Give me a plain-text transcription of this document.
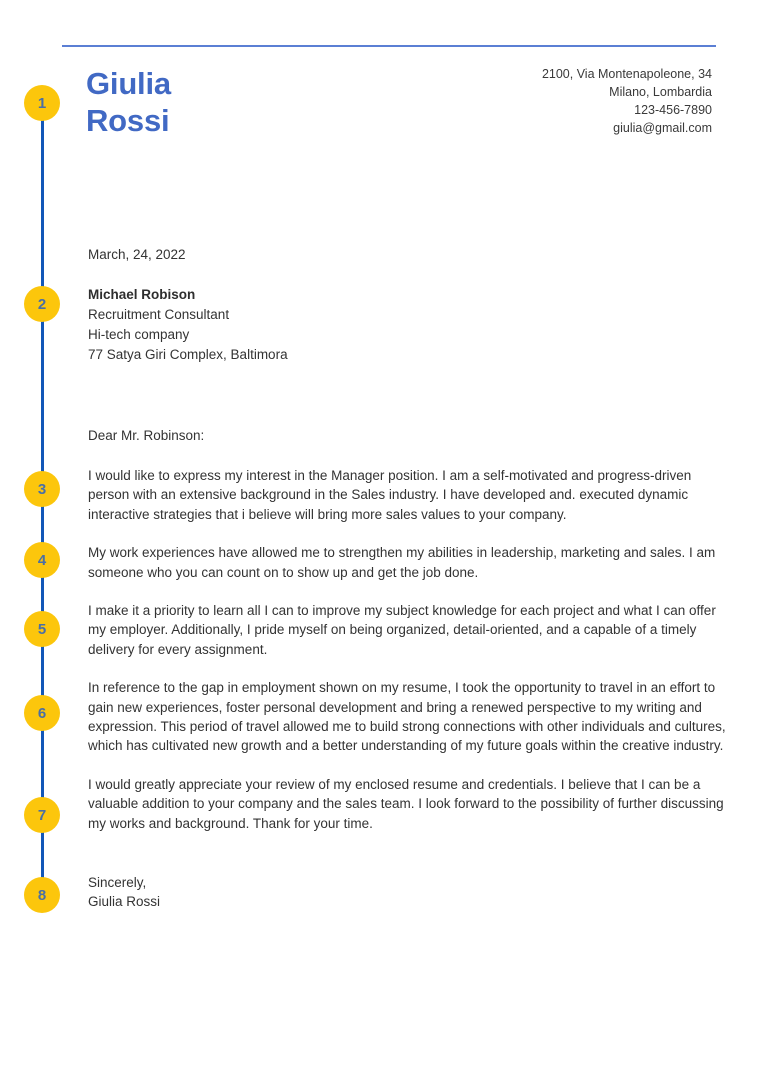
Giulia
Rossi
2100, Via Montenapoleone, 34
Milano, Lombardia
123-456-7890
giulia@gmail.com
March, 24, 2022
Michael Robison
Recruitment Consultant
Hi-tech company
77 Satya Giri Complex, Baltimora
Dear Mr. Robinson:

I would like to express my interest in the Manager position. I am a self-motivated and progress-driven person with an extensive background in the Sales industry. I have developed and. executed dynamic interactive strategies that i believe will bring more sales values to your company.

My work experiences have allowed me to strengthen my abilities in leadership, marketing and sales. I am someone who you can count on to show up and get the job done.

I make it a priority to learn all I can to improve my subject knowledge for each project and what I can offer my employer. Additionally, I pride myself on being organized, detail-oriented, and a capable of a timely delivery for every assignment.

In reference to the gap in employment shown on my resume, I took the opportunity to travel in an effort to gain new experiences, foster personal development and bring a renewed perspective to my writing and expression. This period of travel allowed me to build strong connections with other individuals and cultures, which has cultivated new growth and a better understanding of my future goals within the creative industry.

I would greatly appreciate your review of my enclosed resume and credentials. I believe that I can be a valuable addition to your company and the sales team. I look forward to the possibility of further discussing my works and background. Thank for your time.

Sincerely,
Giulia Rossi
1
2
3
4
5
6
7
8
